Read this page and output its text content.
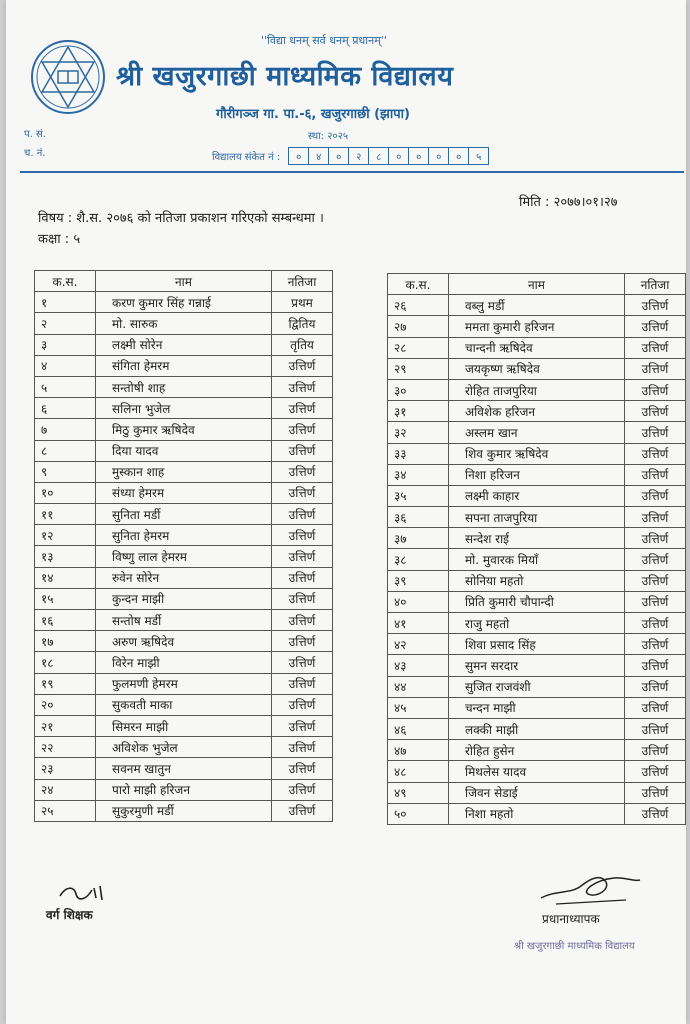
''विद्या धनम् सर्व धनम् प्रधानम्''
श्री खजुरगाछी माध्यमिक विद्यालय
गौरीगञ्ज गा. पा.-६, खजुरगाछी (झापा)
प. सं.
च. नं.
स्था: २०२५
विद्यालय संकेत नं :	०	४	०	२	८	०	०	०	०	५
मिति : २०७७।०१।२७
विषय : शै.स. २०७६ को नतिजा प्रकाशन गरिएको सम्बन्धमा ।
कक्षा : ५
क.स.	नाम	नतिजा
१	करण कुमार सिंह गन्नाई	प्रथम
२	मो. सारुक	द्वितिय
३	लक्ष्मी सोरेन	तृतिय
४	संगिता हेमरम	उत्तिर्ण
५	सन्तोषी शाह	उत्तिर्ण
६	सलिना भुजेल	उत्तिर्ण
७	मिठु कुमार ऋषिदेव	उत्तिर्ण
८	दिया यादव	उत्तिर्ण
९	मुस्कान शाह	उत्तिर्ण
१०	संध्या हेमरम	उत्तिर्ण
११	सुनिता मर्डी	उत्तिर्ण
१२	सुनिता हेमरम	उत्तिर्ण
१३	विष्णु लाल हेमरम	उत्तिर्ण
१४	रुवेन सोरेन	उत्तिर्ण
१५	कुन्दन माझी	उत्तिर्ण
१६	सन्तोष मर्डी	उत्तिर्ण
१७	अरुण ऋषिदेव	उत्तिर्ण
१८	विरेन माझी	उत्तिर्ण
१९	फुलमणी हेमरम	उत्तिर्ण
२०	सुकवती माका	उत्तिर्ण
२१	सिमरन माझी	उत्तिर्ण
२२	अविशेक भुजेल	उत्तिर्ण
२३	सवनम खातुन	उत्तिर्ण
२४	पारो माझी हरिजन	उत्तिर्ण
२५	सुकुरमुणी मर्डी	उत्तिर्ण
क.स.	नाम	नतिजा
२६	वब्लु मर्डी	उत्तिर्ण
२७	ममता कुमारी हरिजन	उत्तिर्ण
२८	चान्दनी ऋषिदेव	उत्तिर्ण
२९	जयकृष्ण ऋषिदेव	उत्तिर्ण
३०	रोहित ताजपुरिया	उत्तिर्ण
३१	अविशेक हरिजन	उत्तिर्ण
३२	अस्लम खान	उत्तिर्ण
३३	शिव कुमार ऋषिदेव	उत्तिर्ण
३४	निशा हरिजन	उत्तिर्ण
३५	लक्ष्मी काहार	उत्तिर्ण
३६	सपना ताजपुरिया	उत्तिर्ण
३७	सन्देश राई	उत्तिर्ण
३८	मो. मुवारक मियाँ	उत्तिर्ण
३९	सोनिया महतो	उत्तिर्ण
४०	प्रिति कुमारी चौपान्दी	उत्तिर्ण
४१	राजु महतो	उत्तिर्ण
४२	शिवा प्रसाद सिंह	उत्तिर्ण
४३	सुमन सरदार	उत्तिर्ण
४४	सुजित राजवंशी	उत्तिर्ण
४५	चन्दन माझी	उत्तिर्ण
४६	लक्की माझी	उत्तिर्ण
४७	रोहित हुसेन	उत्तिर्ण
४८	मिथलेस यादव	उत्तिर्ण
४९	जिवन सेडाई	उत्तिर्ण
५०	निशा महतो	उत्तिर्ण
वर्ग शिक्षक	प्रधानाध्यापक
श्री खजुरगाछी माध्यमिक विद्यालय
